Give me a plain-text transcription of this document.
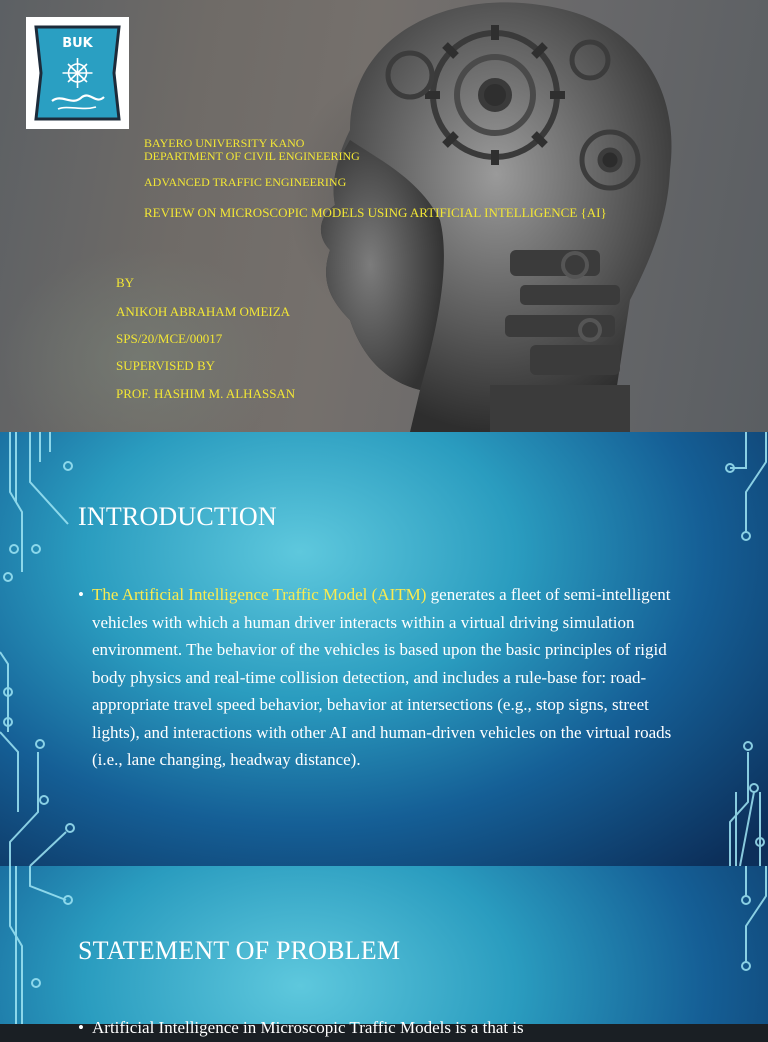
BUK
BAYERO UNIVERSITY KANO
DEPARTMENT OF CIVIL ENGINEERING
ADVANCED TRAFFIC ENGINEERING
REVIEW ON MICROSCOPIC MODELS USING ARTIFICIAL INTELLIGENCE {AI}
BY
ANIKOH ABRAHAM OMEIZA
SPS/20/MCE/00017
SUPERVISED BY
PROF. HASHIM M. ALHASSAN
INTRODUCTION
• The Artificial Intelligence Traffic Model (AITM) generates a fleet of semi-intelligent vehicles with which a human driver interacts within a virtual driving simulation environment. The behavior of the vehicles is based upon the basic principles of rigid body physics and real-time collision detection, and includes a rule-base for: road-appropriate travel speed behavior, behavior at intersections (e.g., stop signs, street lights), and interactions with other AI and human-driven vehicles on the virtual roads (i.e., lane changing, headway distance).
STATEMENT OF PROBLEM
• Artificial Intelligence in Microscopic Traffic Models is a that is
